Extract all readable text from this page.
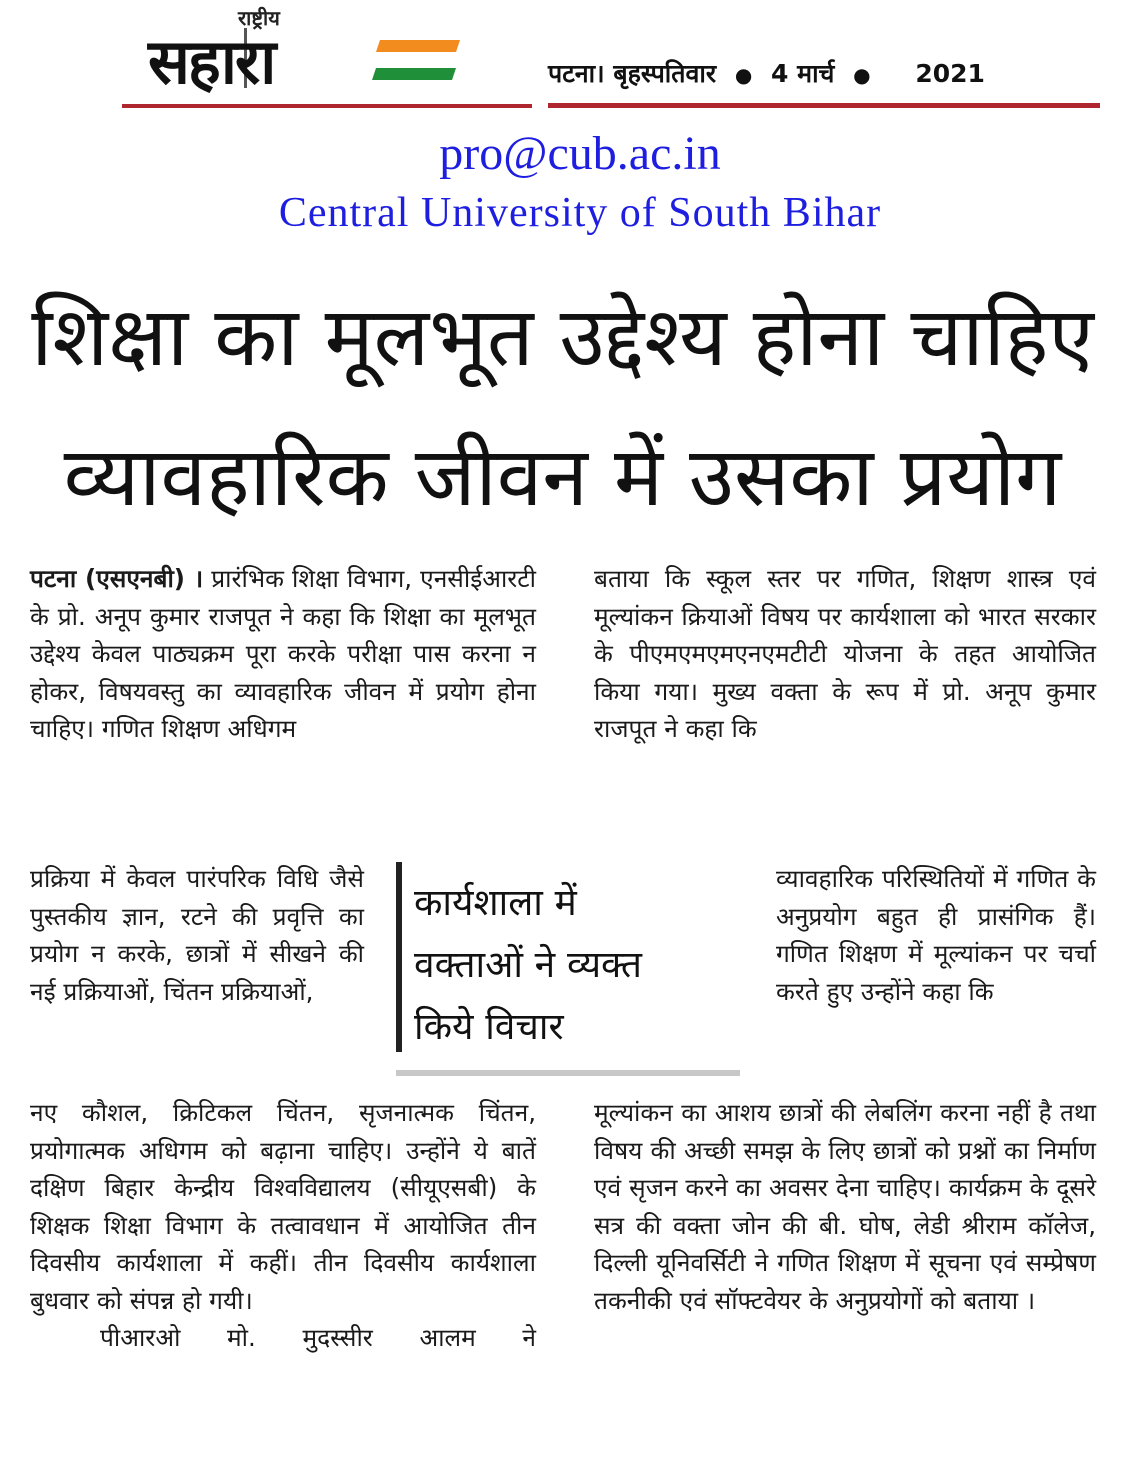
राष्ट्रीय
सहारा	पटना। बृहस्पतिवार ● 4 मार्च ● 2021
pro@cub.ac.in
Central University of South Bihar
शिक्षा का मूलभूत उद्देश्य होना चाहिए
व्यावहारिक जीवन में उसका प्रयोग

पटना (एसएनबी) । प्रारंभिक शिक्षा विभाग, एनसीईआरटी के प्रो. अनूप कुमार राजपूत ने कहा कि शिक्षा का मूलभूत उद्देश्य केवल पाठ्यक्रम पूरा करके परीक्षा पास करना न होकर, विषयवस्तु का व्यावहारिक जीवन में प्रयोग होना चाहिए। गणित शिक्षण अधिगम

प्रक्रिया में केवल पारंपरिक विधि जैसे पुस्तकीय ज्ञान, रटने की प्रवृत्ति का प्रयोग न करके, छात्रों में सीखने की नई प्रक्रियाओं, चिंतन प्रक्रियाओं,

नए कौशल, क्रिटिकल चिंतन, सृजनात्मक चिंतन, प्रयोगात्मक अधिगम को बढ़ाना चाहिए। उन्होंने ये बातें दक्षिण बिहार केन्द्रीय विश्वविद्यालय (सीयूएसबी) के शिक्षक शिक्षा विभाग के तत्वावधान में आयोजित तीन दिवसीय कार्यशाला में कहीं। तीन दिवसीय कार्यशाला बुधवार को संपन्न हो गयी।

पीआरओ मो. मुदस्सीर आलम ने

कार्यशाला में
वक्ताओं ने व्यक्त
किये विचार

बताया कि स्कूल स्तर पर गणित, शिक्षण शास्त्र एवं मूल्यांकन क्रियाओं विषय पर कार्यशाला को भारत सरकार के पीएमएमएमएनएमटीटी योजना के तहत आयोजित किया गया। मुख्य वक्ता के रूप में प्रो. अनूप कुमार राजपूत ने कहा कि

व्यावहारिक परिस्थितियों में गणित के अनुप्रयोग बहुत ही प्रासंगिक हैं। गणित शिक्षण में मूल्यांकन पर चर्चा करते हुए उन्होंने कहा कि

मूल्यांकन का आशय छात्रों की लेबलिंग करना नहीं है तथा विषय की अच्छी समझ के लिए छात्रों को प्रश्नों का निर्माण एवं सृजन करने का अवसर देना चाहिए। कार्यक्रम के दूसरे सत्र की वक्ता जोन की बी. घोष, लेडी श्रीराम कॉलेज, दिल्ली यूनिवर्सिटी ने गणित शिक्षण में सूचना एवं सम्प्रेषण तकनीकी एवं सॉफ्टवेयर के अनुप्रयोगों को बताया ।
